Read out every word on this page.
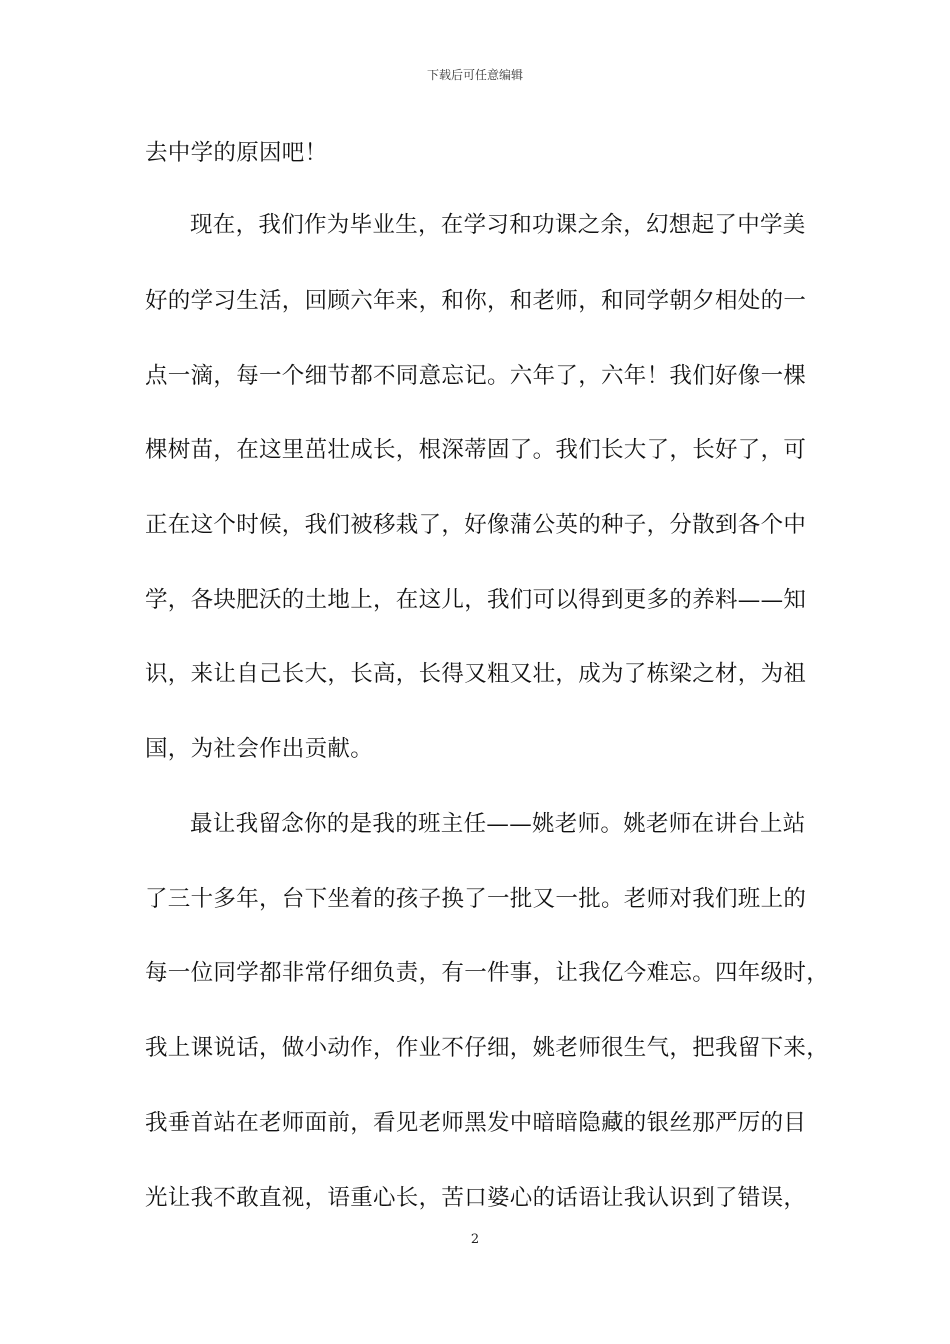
下载后可任意编辑
去中学的原因吧！
现在，我们作为毕业生，在学习和功课之余，幻想起了中学美
好的学习生活，回顾六年来，和你，和老师，和同学朝夕相处的一
点一滴，每一个细节都不同意忘记。六年了，六年！我们好像一棵
棵树苗，在这里茁壮成长，根深蒂固了。我们长大了，长好了，可
正在这个时候，我们被移栽了，好像蒲公英的种子，分散到各个中
学，各块肥沃的土地上，在这儿，我们可以得到更多的养料——知
识，来让自己长大，长高，长得又粗又壮，成为了栋梁之材，为祖
国，为社会作出贡献。
最让我留念你的是我的班主任——姚老师。姚老师在讲台上站
了三十多年，台下坐着的孩子换了一批又一批。老师对我们班上的
每一位同学都非常仔细负责，有一件事，让我亿今难忘。四年级时，
我上课说话，做小动作，作业不仔细，姚老师很生气，把我留下来，
我垂首站在老师面前，看见老师黑发中暗暗隐藏的银丝那严厉的目
光让我不敢直视，语重心长，苦口婆心的话语让我认识到了错误，
2
